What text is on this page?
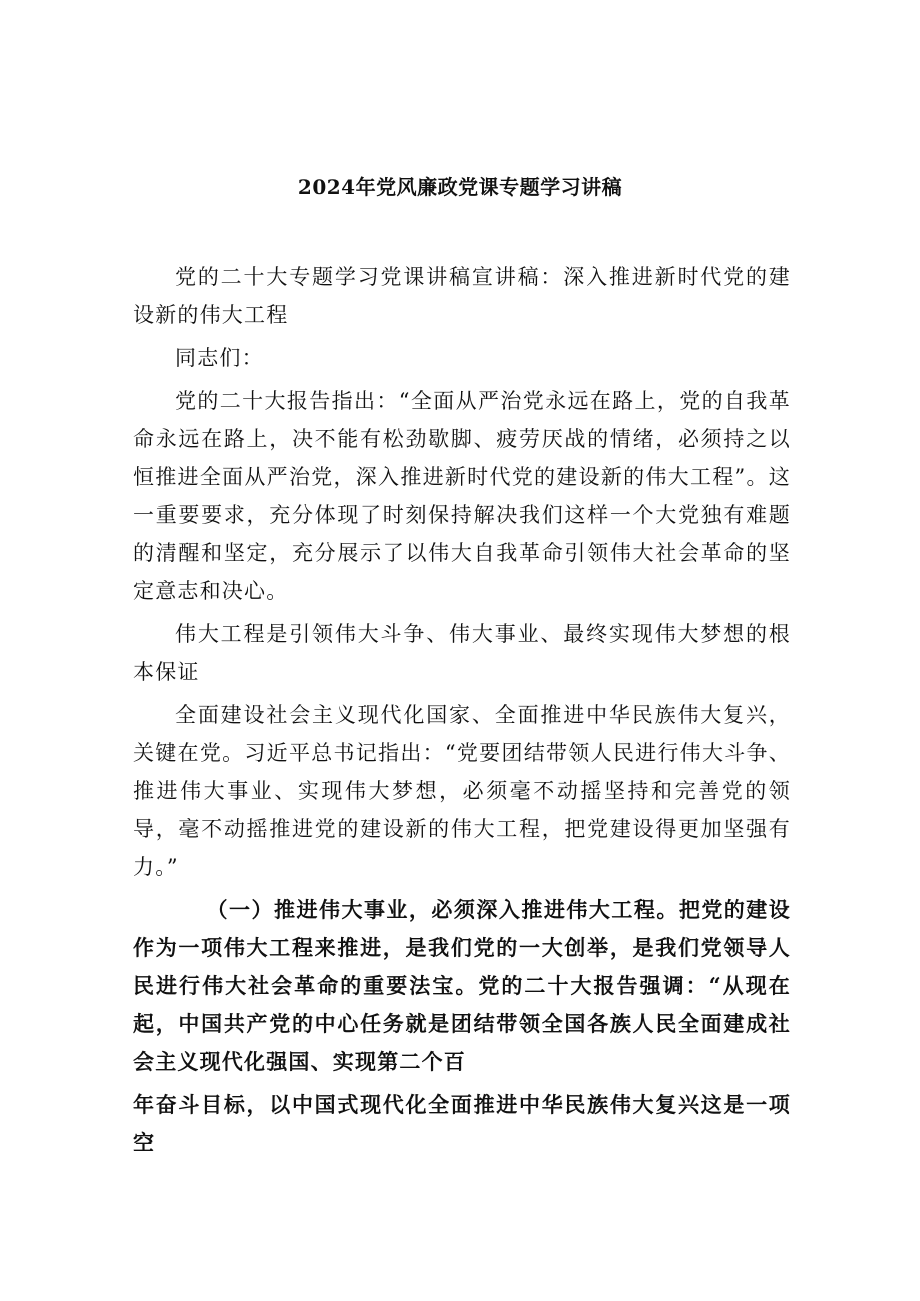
2024年党风廉政党课专题学习讲稿

党的二十大专题学习党课讲稿宣讲稿：深入推进新时代党的建设新的伟大工程

同志们：

党的二十大报告指出：“全面从严治党永远在路上，党的自我革命永远在路上，决不能有松劲歇脚、疲劳厌战的情绪，必须持之以恒推进全面从严治党，深入推进新时代党的建设新的伟大工程”。这一重要要求，充分体现了时刻保持解决我们这样一个大党独有难题的清醒和坚定，充分展示了以伟大自我革命引领伟大社会革命的坚定意志和决心。

伟大工程是引领伟大斗争、伟大事业、最终实现伟大梦想的根本保证

全面建设社会主义现代化国家、全面推进中华民族伟大复兴，关键在党。习近平总书记指出：“党要团结带领人民进行伟大斗争、推进伟大事业、实现伟大梦想，必须毫不动摇坚持和完善党的领导，毫不动摇推进党的建设新的伟大工程，把党建设得更加坚强有力。”

（一）推进伟大事业，必须深入推进伟大工程。把党的建设作为一项伟大工程来推进，是我们党的一大创举，是我们党领导人民进行伟大社会革命的重要法宝。党的二十大报告强调：“从现在起，中国共产党的中心任务就是团结带领全国各族人民全面建成社会主义现代化强国、实现第二个百

年奋斗目标，以中国式现代化全面推进中华民族伟大复兴这是一项空
